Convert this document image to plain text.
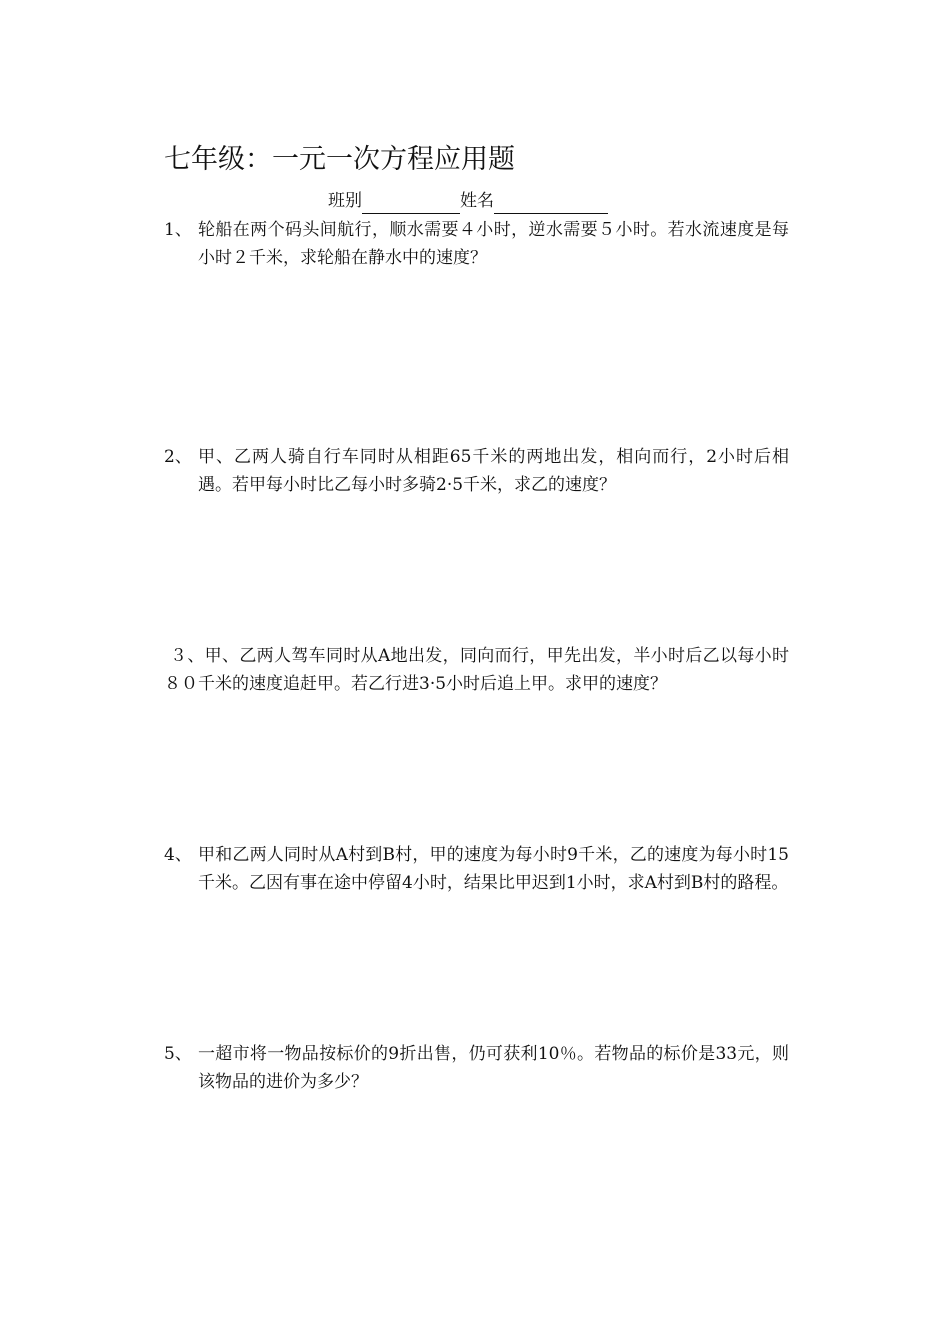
七年级：一元一次方程应用题
班别	姓名
1、 轮船在两个码头间航行，顺水需要４小时，逆水需要５小时。若水流速度是每小时２千米，求轮船在静水中的速度？
2、 甲、乙两人骑自行车同时从相距65千米的两地出发，相向而行，2小时后相遇。若甲每小时比乙每小时多骑2·5千米，求乙的速度？
３、甲、乙两人驾车同时从A地出发，同向而行，甲先出发，半小时后乙以每小时８０千米的速度追赶甲。若乙行进3·5小时后追上甲。求甲的速度？
4、 甲和乙两人同时从A村到B村，甲的速度为每小时9千米，乙的速度为每小时15千米。乙因有事在途中停留4小时，结果比甲迟到1小时，求A村到B村的路程。
5、 一超市将一物品按标价的9折出售，仍可获利10％。若物品的标价是33元，则该物品的进价为多少？
